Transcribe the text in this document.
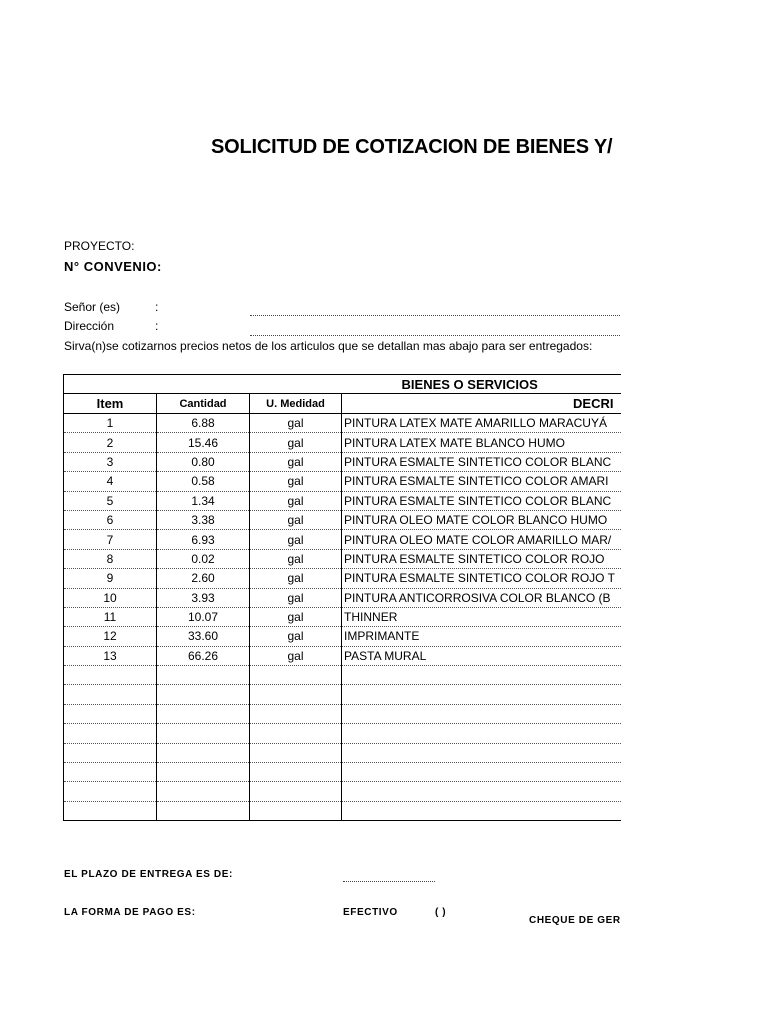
SOLICITUD DE COTIZACION DE BIENES Y/
PROYECTO:
N° CONVENIO:
Señor (es)	:
Dirección	:
Sirva(n)se cotizarnos precios netos de los articulos que se detallan mas abajo para ser entregados:
			BIENES O SERVICIOS
Item	Cantidad	U. Medidad	DECRI
1	6.88	gal	PINTURA LATEX MATE AMARILLO MARACUYÁ
2	15.46	gal	PINTURA LATEX MATE BLANCO HUMO
3	0.80	gal	PINTURA ESMALTE SINTETICO COLOR BLANC
4	0.58	gal	PINTURA ESMALTE SINTETICO COLOR AMARI
5	1.34	gal	PINTURA ESMALTE SINTETICO COLOR BLANC
6	3.38	gal	PINTURA OLEO MATE COLOR BLANCO HUMO
7	6.93	gal	PINTURA OLEO MATE COLOR AMARILLO MAR/
8	0.02	gal	PINTURA ESMALTE SINTETICO COLOR ROJO
9	2.60	gal	PINTURA ESMALTE SINTETICO COLOR ROJO T
10	3.93	gal	PINTURA ANTICORROSIVA COLOR BLANCO (B
11	10.07	gal	THINNER
12	33.60	gal	IMPRIMANTE
13	66.26	gal	PASTA MURAL

EL PLAZO DE ENTREGA ES DE:
LA FORMA DE PAGO ES:	EFECTIVO	( )
CHEQUE DE GER
